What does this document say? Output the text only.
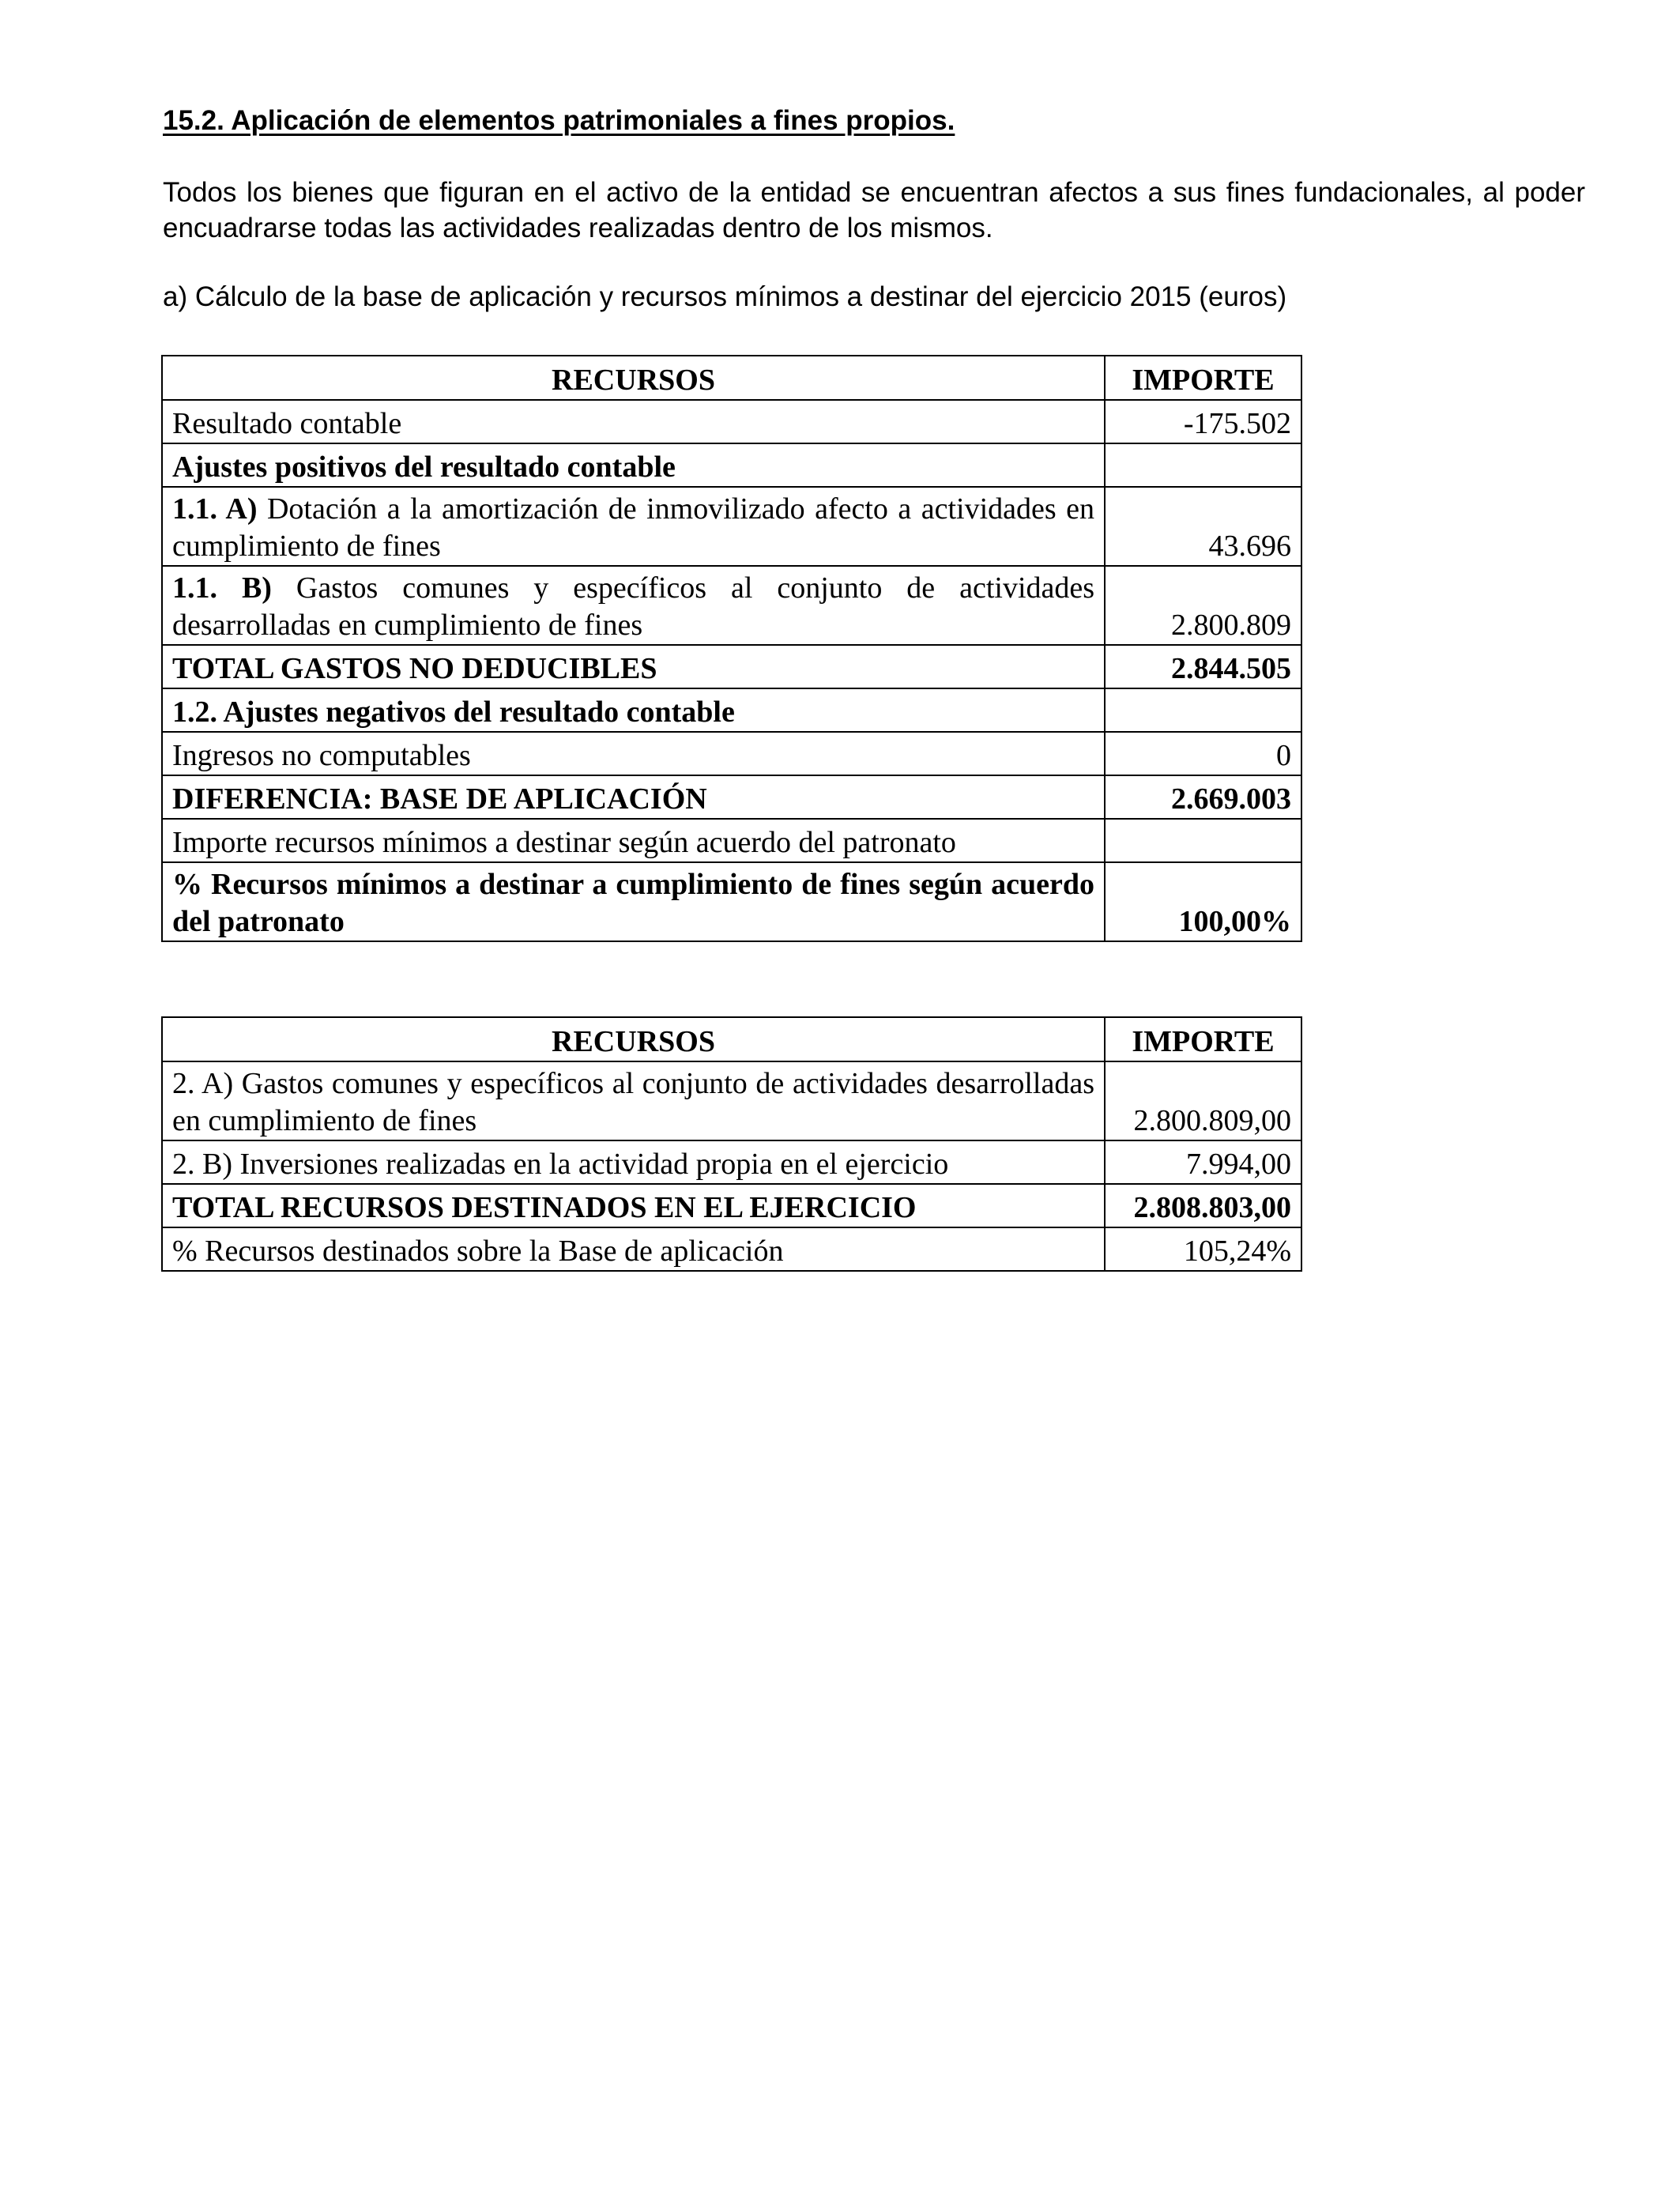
15.2. Aplicación de elementos patrimoniales a fines propios.

Todos los bienes que figuran en el activo de la entidad se encuentran afectos a sus fines fundacionales, al poder encuadrarse todas las actividades realizadas dentro de los mismos.

a) Cálculo de la base de aplicación y recursos mínimos a destinar del ejercicio 2015 (euros)

RECURSOS	IMPORTE
Resultado contable	-175.502
Ajustes positivos del resultado contable	
1.1. A) Dotación a la amortización de inmovilizado afecto a actividades en cumplimiento de fines	43.696
1.1. B) Gastos comunes y específicos al conjunto de actividades desarrolladas en cumplimiento de fines	2.800.809
TOTAL GASTOS NO DEDUCIBLES	2.844.505
1.2. Ajustes negativos del resultado contable	
Ingresos no computables	0
DIFERENCIA: BASE DE APLICACIÓN	2.669.003
Importe recursos mínimos a destinar según acuerdo del patronato	
% Recursos mínimos a destinar a cumplimiento de fines según acuerdo del patronato	100,00%
RECURSOS	IMPORTE
2. A) Gastos comunes y específicos al conjunto de actividades desarrolladas en cumplimiento de fines	2.800.809,00
2. B) Inversiones realizadas en la actividad propia en el ejercicio	7.994,00
TOTAL RECURSOS DESTINADOS EN EL EJERCICIO	2.808.803,00
% Recursos destinados sobre la Base de aplicación	105,24%
